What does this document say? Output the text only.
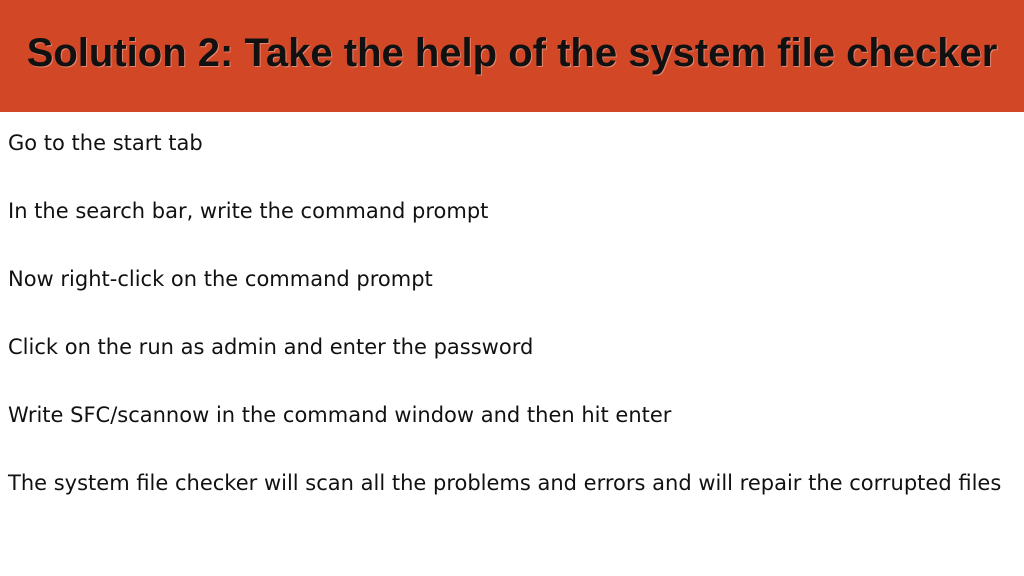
Solution 2: Take the help of the system file checker
Go to the start tab
In the search bar, write the command prompt
Now right-click on the command prompt
Click on the run as admin and enter the password
Write SFC/scannow in the command window and then hit enter
The system file checker will scan all the problems and errors and will repair the corrupted files
